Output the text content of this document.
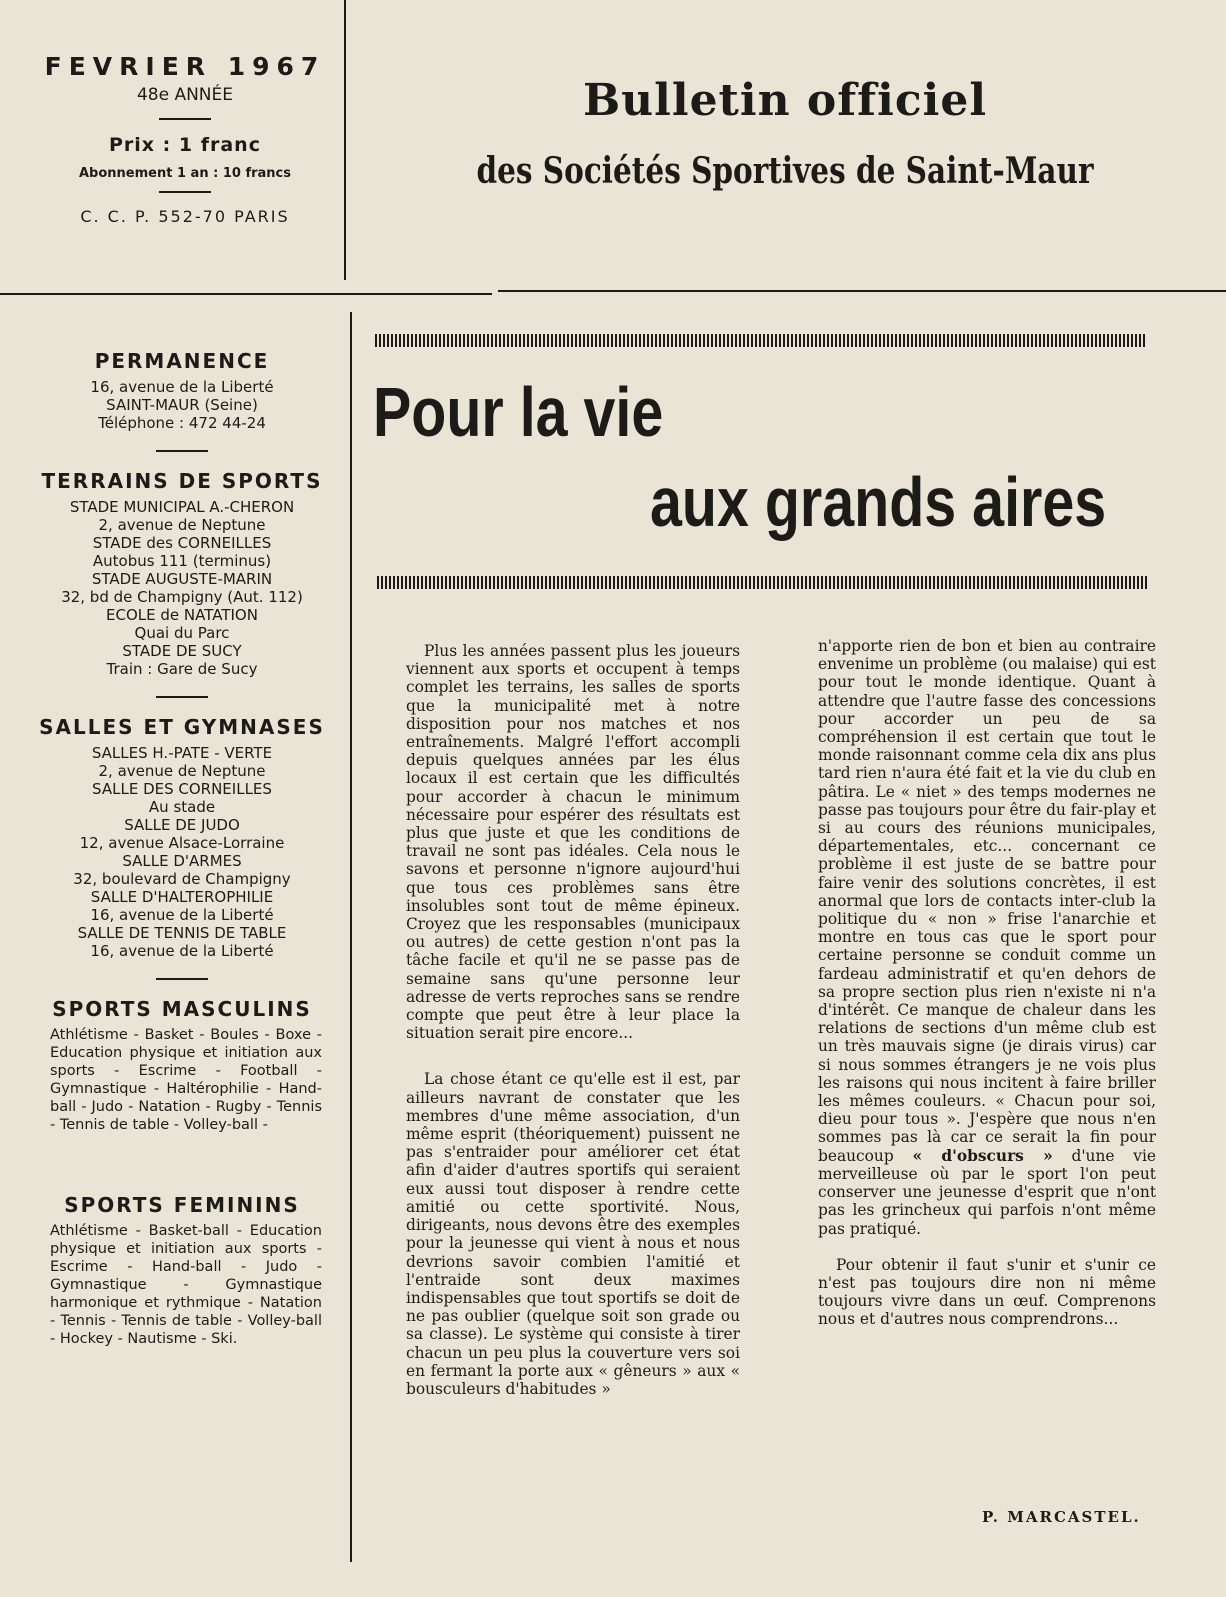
FEVRIER 1967

48e ANNÉE

Prix : 1 franc

Abonnement 1 an : 10 francs

C. C. P. 552-70 PARIS

Bulletin officiel
des Sociétés Sportives de Saint-Maur
PERMANENCE
16, avenue de la Liberté
SAINT-MAUR (Seine)
Téléphone : 472 44-24
TERRAINS DE SPORTS
STADE MUNICIPAL A.-CHERON
2, avenue de Neptune
STADE des CORNEILLES
Autobus 111 (terminus)
STADE AUGUSTE-MARIN
32, bd de Champigny (Aut. 112)
ECOLE de NATATION
Quai du Parc
STADE DE SUCY
Train : Gare de Sucy
SALLES ET GYMNASES
SALLES H.-PATE - VERTE
2, avenue de Neptune
SALLE DES CORNEILLES
Au stade
SALLE DE JUDO
12, avenue Alsace-Lorraine
SALLE D'ARMES
32, boulevard de Champigny
SALLE D'HALTEROPHILIE
16, avenue de la Liberté
SALLE DE TENNIS DE TABLE
16, avenue de la Liberté
SPORTS MASCULINS

Athlétisme - Basket - Boules - Boxe - Education physique et initiation aux sports - Escrime - Football - Gymnastique - Haltérophilie - Hand-ball - Judo - Natation - Rugby - Tennis - Tennis de table - Volley-ball -

SPORTS FEMININS

Athlétisme - Basket-ball - Education physique et initiation aux sports - Escrime - Hand-ball - Judo - Gymnastique - Gymnastique harmonique et rythmique - Natation - Tennis - Tennis de table - Volley-ball - Hockey - Nautisme - Ski.

Pour la vie
aux grands aires

Plus les années passent plus les joueurs viennent aux sports et occupent à temps complet les terrains, les salles de sports que la municipalité met à notre disposition pour nos matches et nos entraînements. Malgré l'effort accompli depuis quelques années par les élus locaux il est certain que les difficultés pour accorder à chacun le minimum nécessaire pour espérer des résultats est plus que juste et que les conditions de travail ne sont pas idéales. Cela nous le savons et personne n'ignore aujourd'hui que tous ces problèmes sans être insolubles sont tout de même épineux. Croyez que les responsables (municipaux ou autres) de cette gestion n'ont pas la tâche facile et qu'il ne se passe pas de semaine sans qu'une personne leur adresse de verts reproches sans se rendre compte que peut être à leur place la situation serait pire encore...

La chose étant ce qu'elle est il est, par ailleurs navrant de constater que les membres d'une même association, d'un même esprit (théoriquement) puissent ne pas s'entraider pour améliorer cet état afin d'aider d'autres sportifs qui seraient eux aussi tout disposer à rendre cette amitié ou cette sportivité. Nous, dirigeants, nous devons être des exemples pour la jeunesse qui vient à nous et nous devrions savoir combien l'amitié et l'entraide sont deux maximes indispensables que tout sportifs se doit de ne pas oublier (quelque soit son grade ou sa classe). Le système qui consiste à tirer chacun un peu plus la couverture vers soi en fermant la porte aux « gêneurs » aux « bousculeurs d'habitudes »

n'apporte rien de bon et bien au contraire envenime un problème (ou malaise) qui est pour tout le monde identique. Quant à attendre que l'autre fasse des concessions pour accorder un peu de sa compréhension il est certain que tout le monde raisonnant comme cela dix ans plus tard rien n'aura été fait et la vie du club en pâtira. Le « niet » des temps modernes ne passe pas toujours pour être du fair-play et si au cours des réunions municipales, départementales, etc... concernant ce problème il est juste de se battre pour faire venir des solutions concrètes, il est anormal que lors de contacts inter-club la politique du « non » frise l'anarchie et montre en tous cas que le sport pour certaine personne se conduit comme un fardeau administratif et qu'en dehors de sa propre section plus rien n'existe ni n'a d'intérêt. Ce manque de chaleur dans les relations de sections d'un même club est un très mauvais signe (je dirais virus) car si nous sommes étrangers je ne vois plus les raisons qui nous incitent à faire briller les mêmes couleurs. « Chacun pour soi, dieu pour tous ». J'espère que nous n'en sommes pas là car ce serait la fin pour beaucoup « d'obscurs » d'une vie merveilleuse où par le sport l'on peut conserver une jeunesse d'esprit que n'ont pas les grincheux qui parfois n'ont même pas pratiqué.

Pour obtenir il faut s'unir et s'unir ce n'est pas toujours dire non ni même toujours vivre dans un œuf. Comprenons nous et d'autres nous comprendrons...

P. MARCASTEL.
